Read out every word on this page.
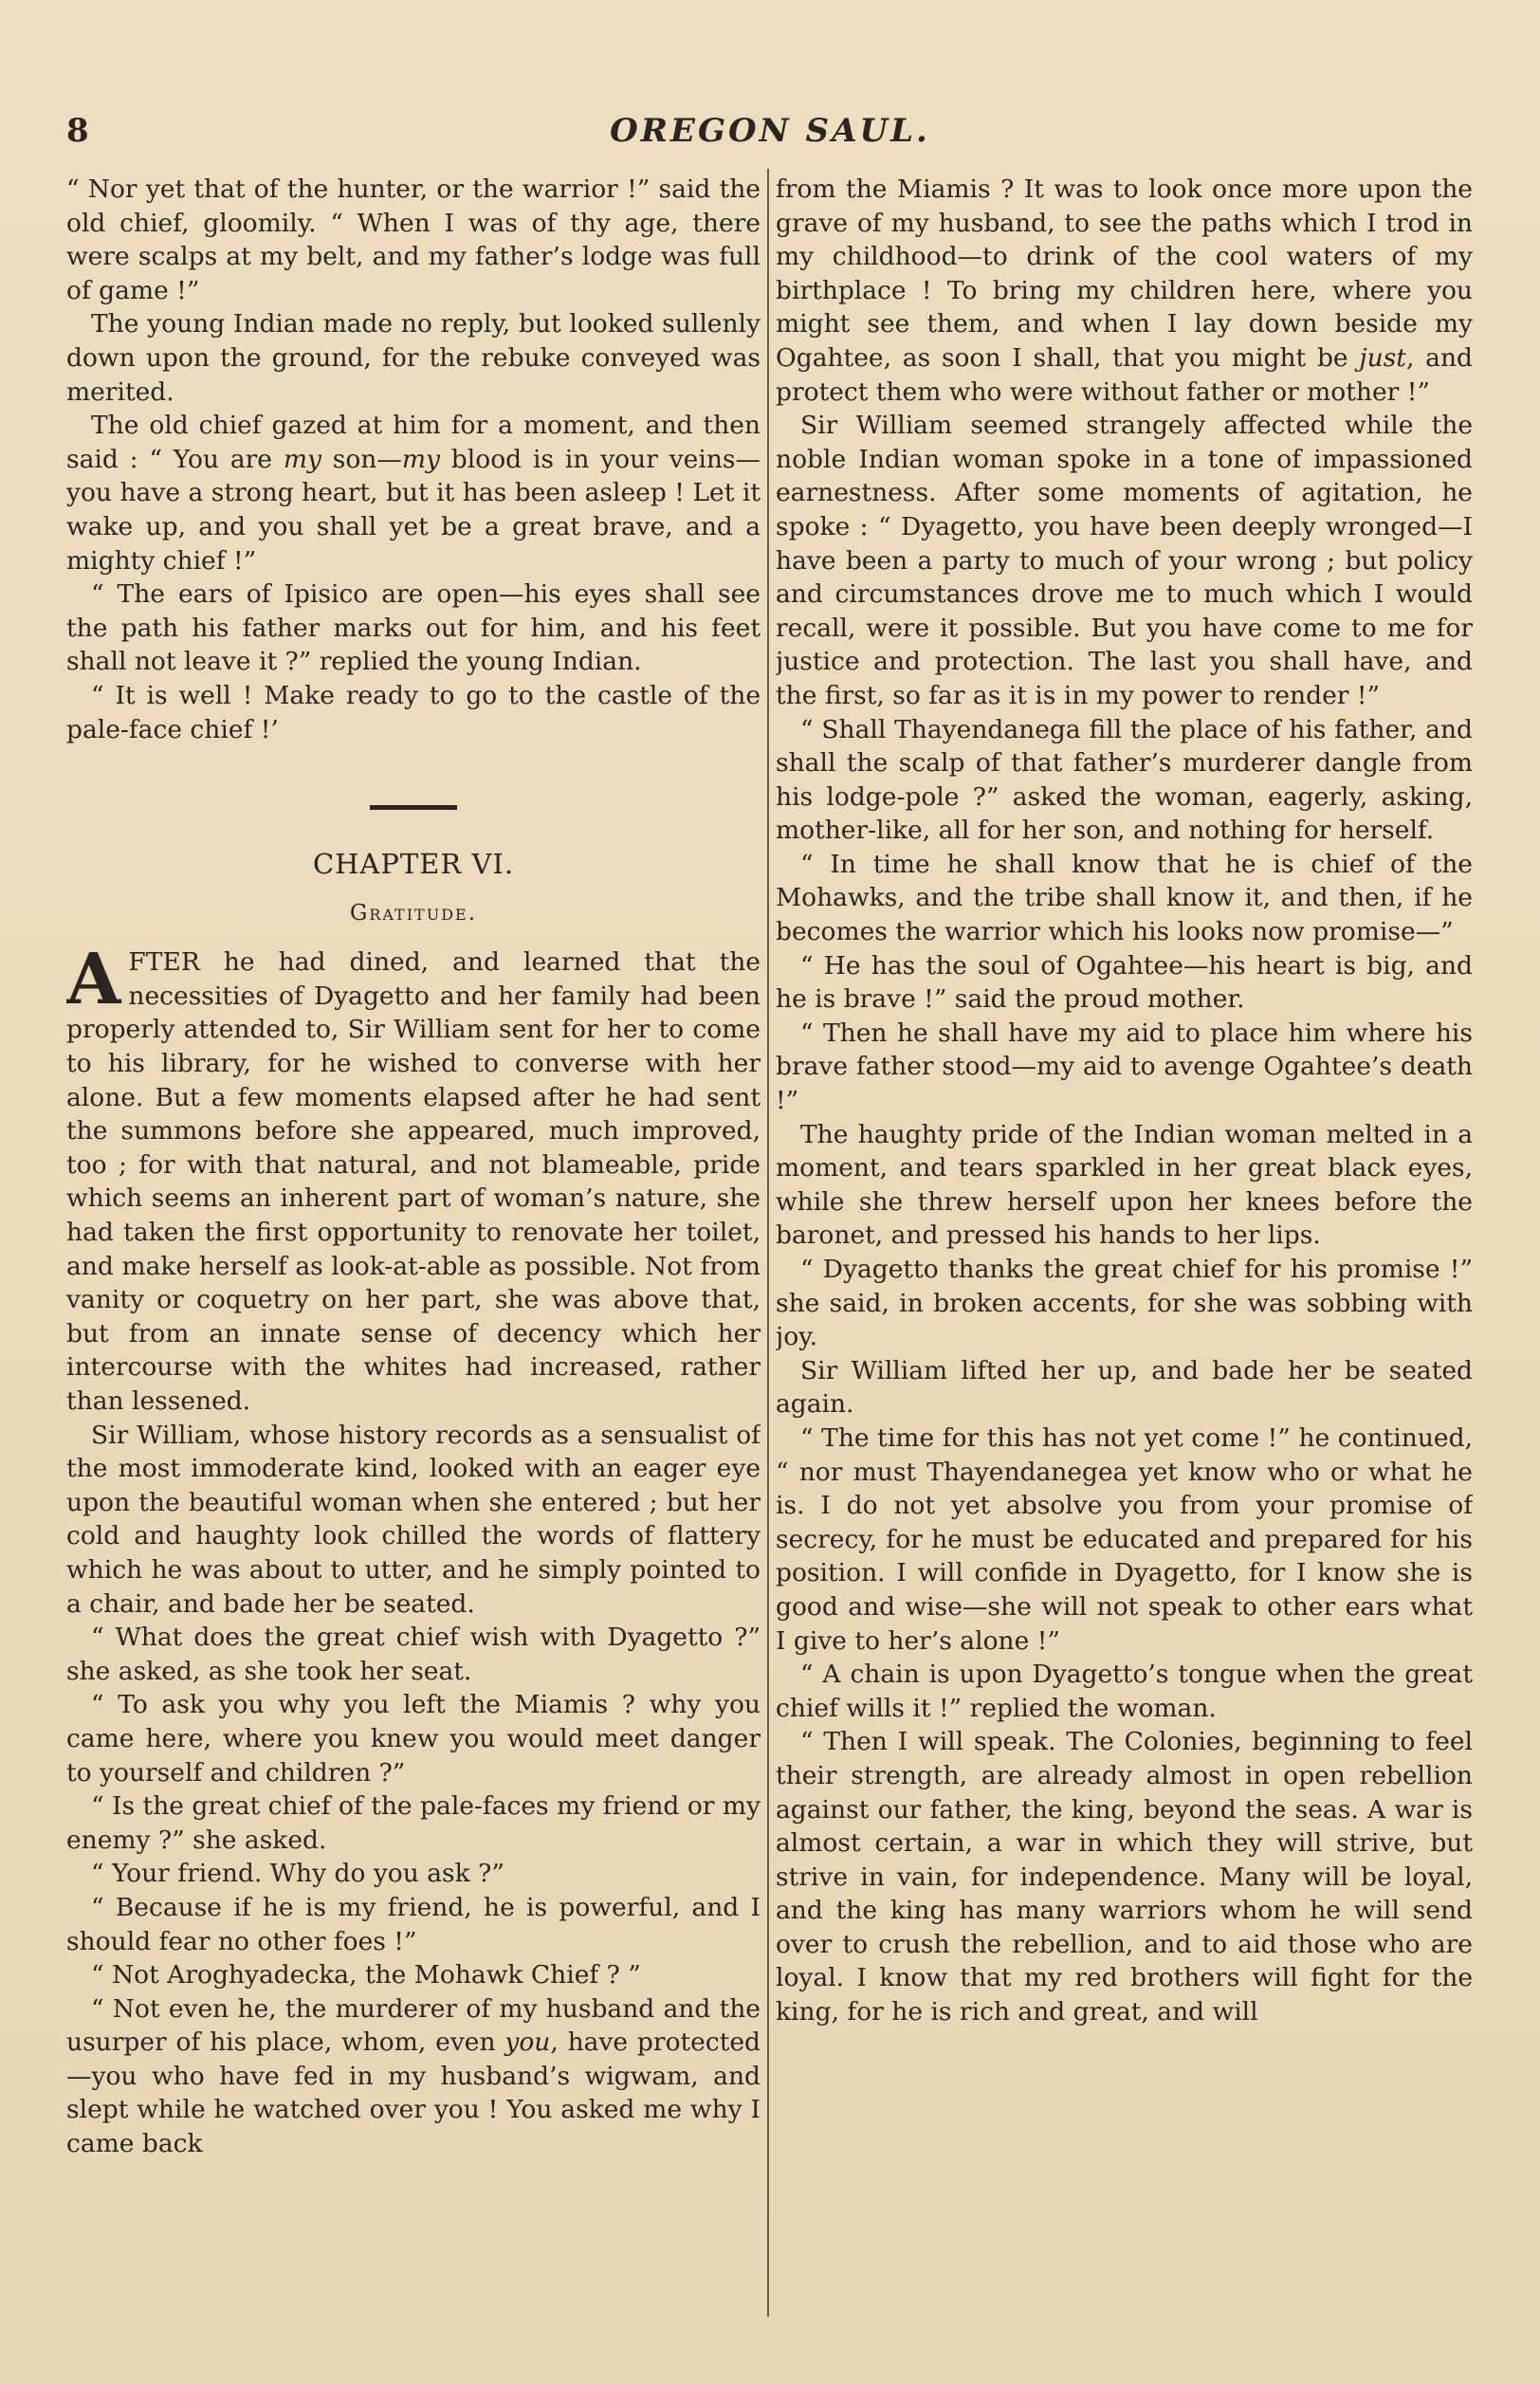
8	OREGON SAUL.

“ Nor yet that of the hunter, or the warrior !” said the old chief, gloomily. “ When I was of thy age, there were scalps at my belt, and my father’s lodge was full of game !”

The young Indian made no reply, but looked sullenly down upon the ground, for the rebuke conveyed was merited.

The old chief gazed at him for a moment, and then said : “ You are my son—my blood is in your veins—you have a strong heart, but it has been asleep ! Let it wake up, and you shall yet be a great brave, and a mighty chief !”

“ The ears of Ipisico are open—his eyes shall see the path his father marks out for him, and his feet shall not leave it ?” replied the young Indian.

“ It is well ! Make ready to go to the castle of the pale-face chief !’

CHAPTER VI.
Gratitude.

AFTER he had dined, and learned that the necessities of Dyagetto and her family had been properly attended to, Sir William sent for her to come to his library, for he wished to converse with her alone. But a few moments elapsed after he had sent the summons before she appeared, much improved, too ; for with that natural, and not blameable, pride which seems an inherent part of woman’s nature, she had taken the first opportunity to renovate her toilet, and make herself as look-at-able as possible. Not from vanity or coquetry on her part, she was above that, but from an innate sense of decency which her intercourse with the whites had increased, rather than lessened.

Sir William, whose history records as a sensualist of the most immoderate kind, looked with an eager eye upon the beautiful woman when she entered ; but her cold and haughty look chilled the words of flattery which he was about to utter, and he simply pointed to a chair, and bade her be seated.

“ What does the great chief wish with Dyagetto ?” she asked, as she took her seat.

“ To ask you why you left the Miamis ? why you came here, where you knew you would meet danger to yourself and children ?”

“ Is the great chief of the pale-faces my friend or my enemy ?” she asked.

“ Your friend. Why do you ask ?”

“ Because if he is my friend, he is powerful, and I should fear no other foes !”

“ Not Aroghyadecka, the Mohawk Chief ? ”

“ Not even he, the murderer of my husband and the usurper of his place, whom, even you, have protected—you who have fed in my husband’s wigwam, and slept while he watched over you ! You asked me why I came back

from the Miamis ? It was to look once more upon the grave of my husband, to see the paths which I trod in my childhood—to drink of the cool waters of my birthplace ! To bring my children here, where you might see them, and when I lay down beside my Ogahtee, as soon I shall, that you might be just, and protect them who were without father or mother !”

Sir William seemed strangely affected while the noble Indian woman spoke in a tone of impassioned earnestness. After some moments of agitation, he spoke : “ Dyagetto, you have been deeply wronged—I have been a party to much of your wrong ; but policy and circumstances drove me to much which I would recall, were it possible. But you have come to me for justice and protection. The last you shall have, and the first, so far as it is in my power to render !”

“ Shall Thayendanega fill the place of his father, and shall the scalp of that father’s murderer dangle from his lodge-pole ?” asked the woman, eagerly, asking, mother-like, all for her son, and nothing for herself.

“ In time he shall know that he is chief of the Mohawks, and the tribe shall know it, and then, if he becomes the warrior which his looks now promise—”

“ He has the soul of Ogahtee—his heart is big, and he is brave !” said the proud mother.

“ Then he shall have my aid to place him where his brave father stood—my aid to avenge Ogahtee’s death !”

The haughty pride of the Indian woman melted in a moment, and tears sparkled in her great black eyes, while she threw herself upon her knees before the baronet, and pressed his hands to her lips.

“ Dyagetto thanks the great chief for his promise !” she said, in broken accents, for she was sobbing with joy.

Sir William lifted her up, and bade her be seated again.

“ The time for this has not yet come !” he continued, “ nor must Thayendanegea yet know who or what he is. I do not yet absolve you from your promise of secrecy, for he must be educated and prepared for his position. I will confide in Dyagetto, for I know she is good and wise—she will not speak to other ears what I give to her’s alone !”

“ A chain is upon Dyagetto’s tongue when the great chief wills it !” replied the woman.

“ Then I will speak. The Colonies, beginning to feel their strength, are already almost in open rebellion against our father, the king, beyond the seas. A war is almost certain, a war in which they will strive, but strive in vain, for independence. Many will be loyal, and the king has many warriors whom he will send over to crush the rebellion, and to aid those who are loyal. I know that my red brothers will fight for the king, for he is rich and great, and will
